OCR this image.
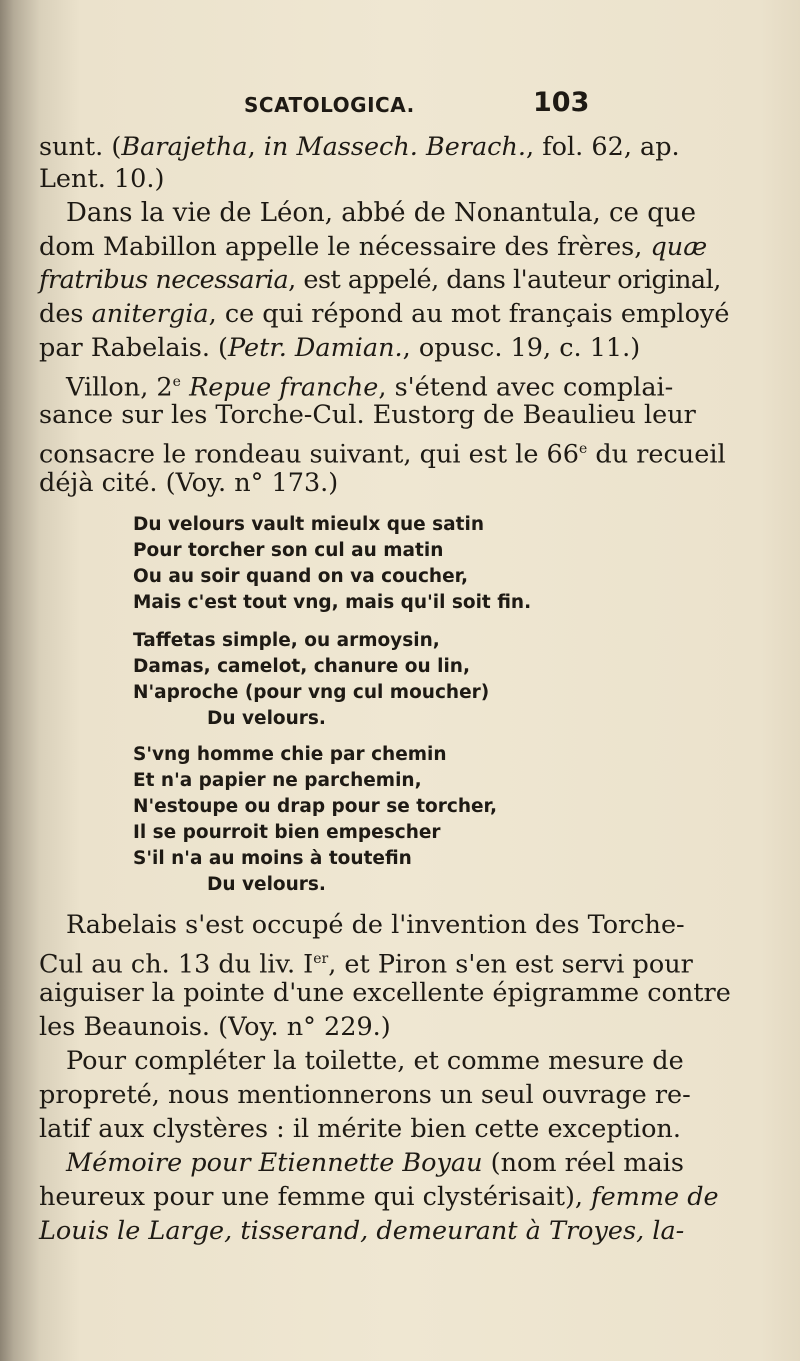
SCATOLOGICA.	103
sunt. (Barajetha, in Massech. Berach., fol. 62, ap.
Lent. 10.)
Dans la vie de Léon, abbé de Nonantula, ce que
dom Mabillon appelle le nécessaire des frères, quæ
fratribus necessaria, est appelé, dans l'auteur original,
des anitergia, ce qui répond au mot français employé
par Rabelais. (Petr. Damian., opusc. 19, c. 11.)
Villon, 2e Repue franche, s'étend avec complai-
sance sur les Torche-Cul. Eustorg de Beaulieu leur
consacre le rondeau suivant, qui est le 66e du recueil
déjà cité. (Voy. n° 173.)
Du velours vault mieulx que satin
Pour torcher son cul au matin
Ou au soir quand on va coucher,
Mais c'est tout vng, mais qu'il soit fin.
Taffetas simple, ou armoysin,
Damas, camelot, chanure ou lin,
N'aproche (pour vng cul moucher)
Du velours.
S'vng homme chie par chemin
Et n'a papier ne parchemin,
N'estoupe ou drap pour se torcher,
Il se pourroit bien empescher
S'il n'a au moins à toutefin
Du velours.
Rabelais s'est occupé de l'invention des Torche-
Cul au ch. 13 du liv. Ier, et Piron s'en est servi pour
aiguiser la pointe d'une excellente épigramme contre
les Beaunois. (Voy. n° 229.)
Pour compléter la toilette, et comme mesure de
propreté, nous mentionnerons un seul ouvrage re-
latif aux clystères : il mérite bien cette exception.
Mémoire pour Etiennette Boyau (nom réel mais
heureux pour une femme qui clystérisait), femme de
Louis le Large, tisserand, demeurant à Troyes, la-
